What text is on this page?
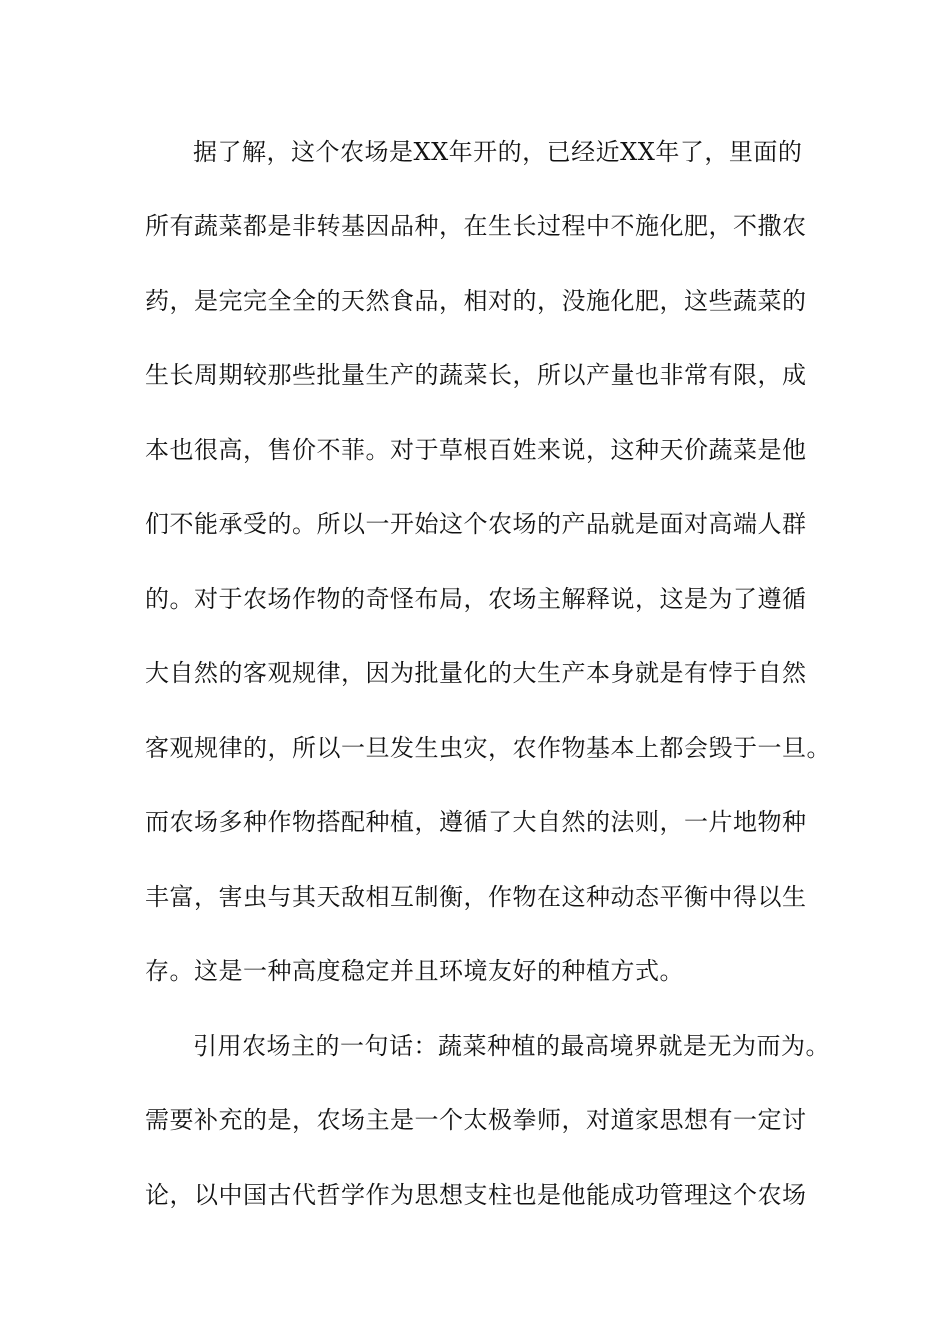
据了解，这个农场是XX年开的，已经近XX年了，里面的
所有蔬菜都是非转基因品种，在生长过程中不施化肥，不撒农
药，是完完全全的天然食品，相对的，没施化肥，这些蔬菜的
生长周期较那些批量生产的蔬菜长，所以产量也非常有限，成
本也很高，售价不菲。对于草根百姓来说，这种天价蔬菜是他
们不能承受的。所以一开始这个农场的产品就是面对高端人群
的。对于农场作物的奇怪布局，农场主解释说，这是为了遵循
大自然的客观规律，因为批量化的大生产本身就是有悖于自然
客观规律的，所以一旦发生虫灾，农作物基本上都会毁于一旦。
而农场多种作物搭配种植，遵循了大自然的法则，一片地物种
丰富，害虫与其天敌相互制衡，作物在这种动态平衡中得以生
存。这是一种高度稳定并且环境友好的种植方式。
引用农场主的一句话：蔬菜种植的最高境界就是无为而为。
需要补充的是，农场主是一个太极拳师，对道家思想有一定讨
论，以中国古代哲学作为思想支柱也是他能成功管理这个农场
